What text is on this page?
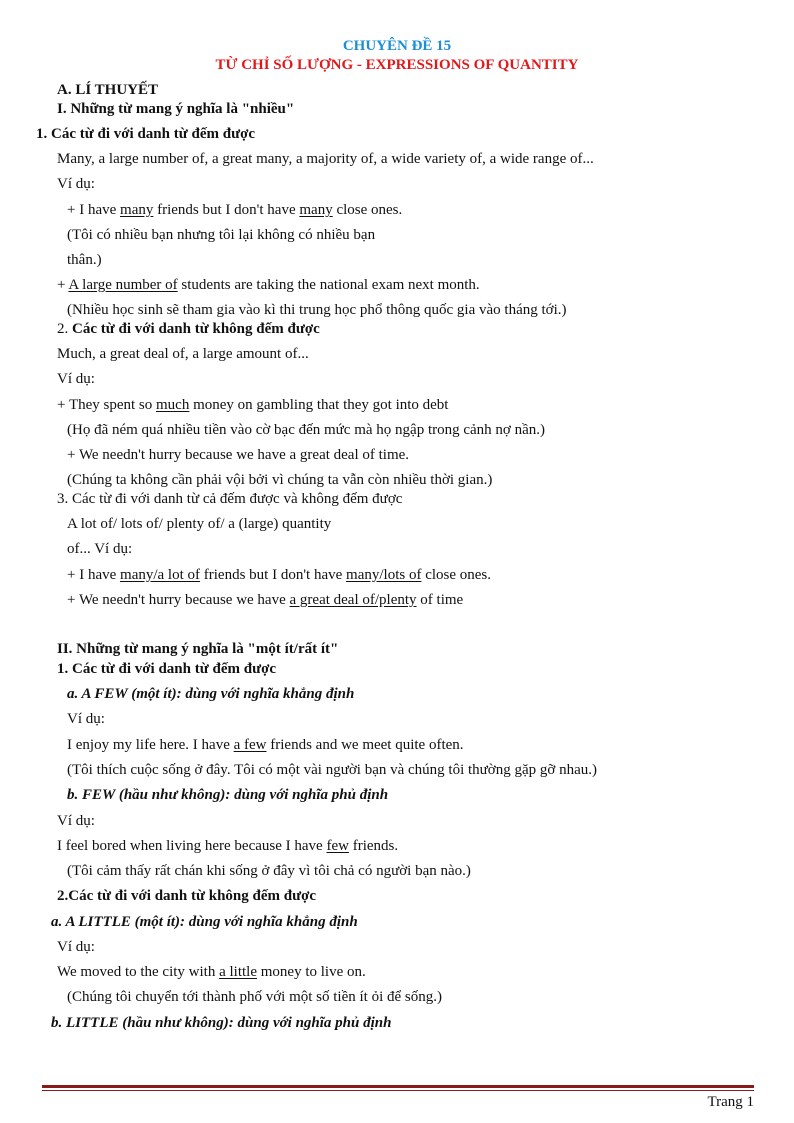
CHUYÊN ĐỀ 15
TỪ CHỈ SỐ LƯỢNG - EXPRESSIONS OF QUANTITY
A. LÍ THUYẾT
I. Những từ mang ý nghĩa là "nhiều"
1. Các từ đi với danh từ đếm được
Many, a large number of, a great many, a majority of, a wide variety of, a wide range of...
Ví dụ:
+ I have many friends but I don't have many close ones.
(Tôi có nhiều bạn nhưng tôi lại không có nhiều bạn
thân.)
+ A large number of students are taking the national exam next month.
(Nhiều học sinh sẽ tham gia vào kì thi trung học phổ thông quốc gia vào tháng tới.)
2. Các từ đi với danh từ không đếm được
Much, a great deal of, a large amount of...
Ví dụ:
+ They spent so much money on gambling that they got into debt
(Họ đã ném quá nhiều tiền vào cờ bạc đến mức mà họ ngập trong cảnh nợ nần.)
+ We needn't hurry because we have a great deal of time.
(Chúng ta không cần phải vội bởi vì chúng ta vẫn còn nhiều thời gian.)
3. Các từ đi với danh từ cả đếm được và không đếm được
A lot of/ lots of/ plenty of/ a (large) quantity
of... Ví dụ:
+ I have many/a lot of friends but I don't have many/lots of close ones.
+ We needn't hurry because we have a great deal of/plenty of time
II. Những từ mang ý nghĩa là "một ít/rất ít"
1. Các từ đi với danh từ đếm được
a. A FEW (một ít): dùng với nghĩa khẳng định
Ví dụ:
I enjoy my life here. I have a few friends and we meet quite often.
(Tôi thích cuộc sống ở đây. Tôi có một vài người bạn và chúng tôi thường gặp gỡ nhau.)
b. FEW (hầu như không): dùng với nghĩa phủ định
Ví dụ:
I feel bored when living here because I have few friends.
(Tôi cảm thấy rất chán khi sống ở đây vì tôi chả có người bạn nào.)
2.Các từ đi với danh từ không đếm được
a. A LITTLE (một ít): dùng với nghĩa khẳng định
Ví dụ:
We moved to the city with a little money to live on.
(Chúng tôi chuyển tới thành phố với một số tiền ít ỏi để sống.)
b. LITTLE (hầu như không): dùng với nghĩa phủ định
Trang 1
